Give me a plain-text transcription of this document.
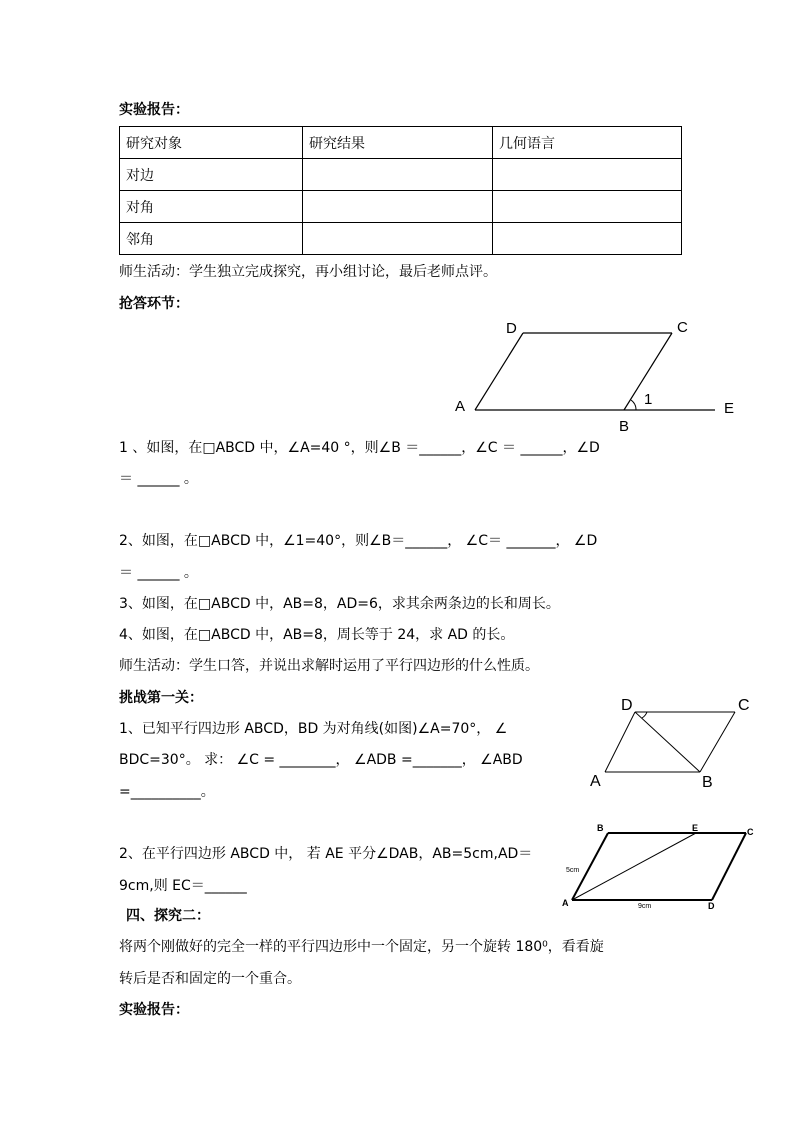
实验报告：
研究对象	研究结果	几何语言
对边		
对角		
邻角		
师生活动：学生独立完成探究，再小组讨论，最后老师点评。
抢答环节：
D	C
A
B
E
1
1 、如图，在□ABCD 中，∠A=40 °，则∠B ＝______，∠C ＝ ______，∠D
＝ ______ 。
2、如图，在□ABCD 中，∠1=40°，则∠B＝______， ∠C＝ _______， ∠D
＝ ______ 。
3、如图，在□ABCD 中，AB=8，AD=6，求其余两条边的长和周长。
4、如图，在□ABCD 中，AB=8，周长等于 24，求 AD 的长。
师生活动：学生口答，并说出求解时运用了平行四边形的什么性质。
挑战第一关：
1、已知平行四边形 ABCD，BD 为对角线(如图)∠A=70°， ∠
BDC=30°。 求： ∠C = ________， ∠ADB =_______， ∠ABD
=__________。
D	C
A	B
2、在平行四边形 ABCD 中， 若 AE 平分∠DAB，AB=5cm,AD＝
9cm,则 EC＝______
B	E	C
A	D
5cm
9cm
四、探究二：
将两个刚做好的完全一样的平行四边形中一个固定，另一个旋转 180⁰，看看旋
转后是否和固定的一个重合。
实验报告：
